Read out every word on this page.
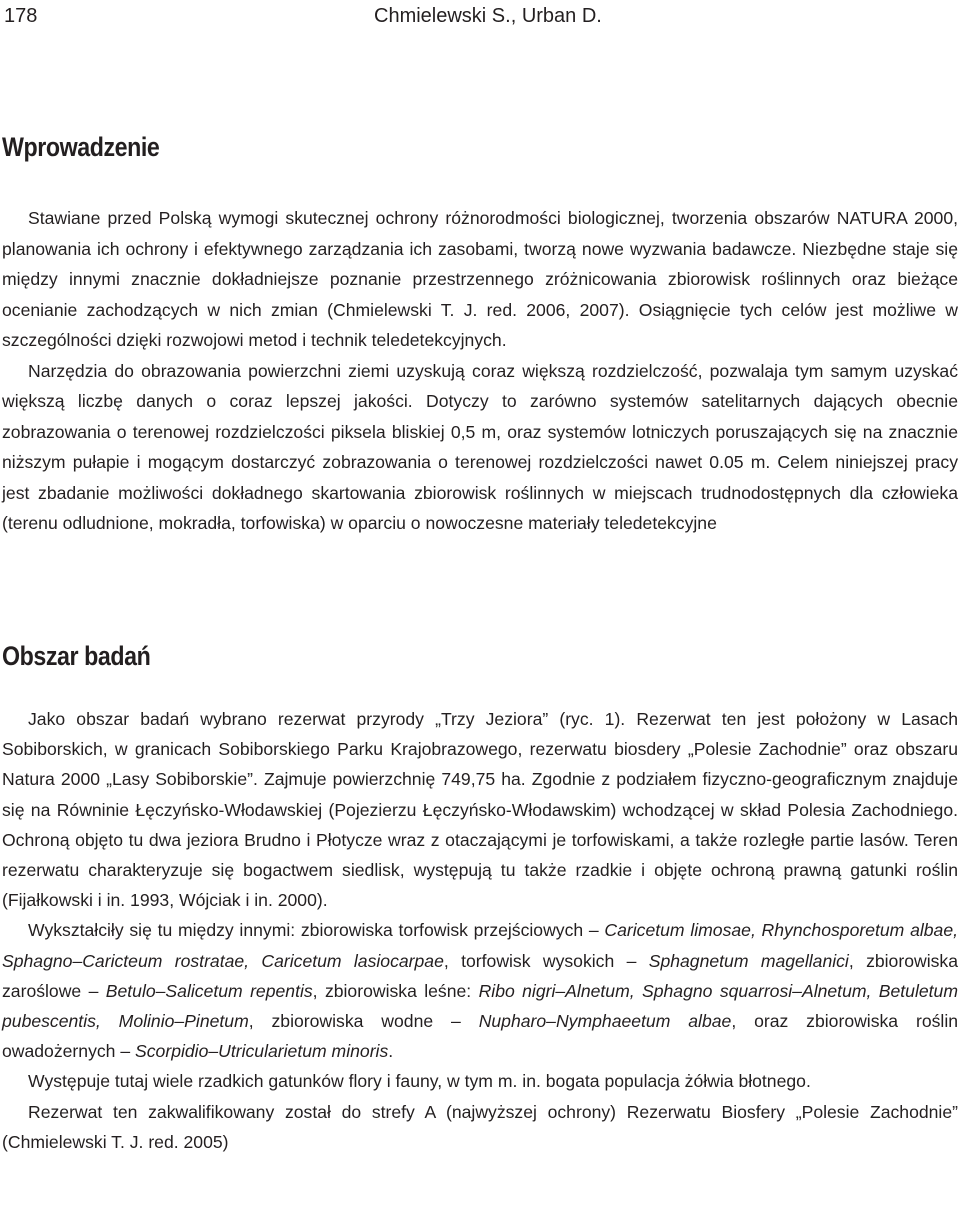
178	Chmielewski S., Urban D.
Wprowadzenie

Stawiane przed Polską wymogi skutecznej ochrony różnorodmości biologicznej, tworzenia obszarów NATURA 2000, planowania ich ochrony i efektywnego zarządzania ich zasobami, tworzą nowe wyzwania badawcze. Niezbędne staje się między innymi znacznie dokładniejsze poznanie przestrzennego zróżnicowania zbiorowisk roślinnych oraz bieżące ocenianie zachodzących w nich zmian (Chmielewski T. J. red. 2006, 2007). Osiągnięcie tych celów jest możliwe w szczególności dzięki rozwojowi metod i technik teledetekcyjnych.

Narzędzia do obrazowania powierzchni ziemi uzyskują coraz większą rozdzielczość, pozwalaja tym samym uzyskać większą liczbę danych o coraz lepszej jakości. Dotyczy to zarówno systemów satelitarnych dających obecnie zobrazowania o terenowej rozdzielczości piksela bliskiej 0,5 m, oraz systemów lotniczych poruszających się na znacznie niższym pułapie i mogącym dostarczyć zobrazowania o terenowej rozdzielczości nawet 0.05 m. Celem niniejszej pracy jest zbadanie możliwości dokładnego skartowania zbiorowisk roślinnych w miejscach trudnodostępnych dla człowieka (terenu odludnione, mokradła, torfowiska) w oparciu o nowoczesne materiały teledetekcyjne

Obszar badań

Jako obszar badań wybrano rezerwat przyrody „Trzy Jeziora” (ryc. 1). Rezerwat ten jest położony w Lasach Sobiborskich, w granicach Sobiborskiego Parku Krajobrazowego, rezerwatu biosdery „Polesie Zachodnie” oraz obszaru Natura 2000 „Lasy Sobiborskie”. Zajmuje powierzchnię 749,75 ha. Zgodnie z podziałem fizyczno-geograficznym znajduje się na Równinie Łęczyńsko-Włodawskiej (Pojezierzu Łęczyńsko-Włodawskim) wchodzącej w skład Polesia Zachodniego. Ochroną objęto tu dwa jeziora Brudno i Płotycze wraz z otaczającymi je torfowiskami, a także rozległe partie lasów. Teren rezerwatu charakteryzuje się bogactwem siedlisk, występują tu także rzadkie i objęte ochroną prawną gatunki roślin (Fijałkowski i in. 1993, Wójciak i in. 2000).

Wykształciły się tu między innymi: zbiorowiska torfowisk przejściowych – Caricetum limosae, Rhynchosporetum albae, Sphagno–Caricteum rostratae, Caricetum lasiocarpae, torfowisk wysokich – Sphagnetum magellanici, zbiorowiska zaroślowe – Betulo–Salicetum repentis, zbiorowiska leśne: Ribo nigri–Alnetum, Sphagno squarrosi–Alnetum, Betuletum pubescentis, Molinio–Pinetum, zbiorowiska wodne – Nupharo–Nymphaeetum albae, oraz zbiorowiska roślin owadożernych – Scorpidio–Utricularietum minoris.

Występuje tutaj wiele rzadkich gatunków flory i fauny, w tym m. in. bogata populacja żółwia błotnego.

Rezerwat ten zakwalifikowany został do strefy A (najwyższej ochrony) Rezerwatu Biosfery „Polesie Zachodnie” (Chmielewski T. J. red. 2005)
